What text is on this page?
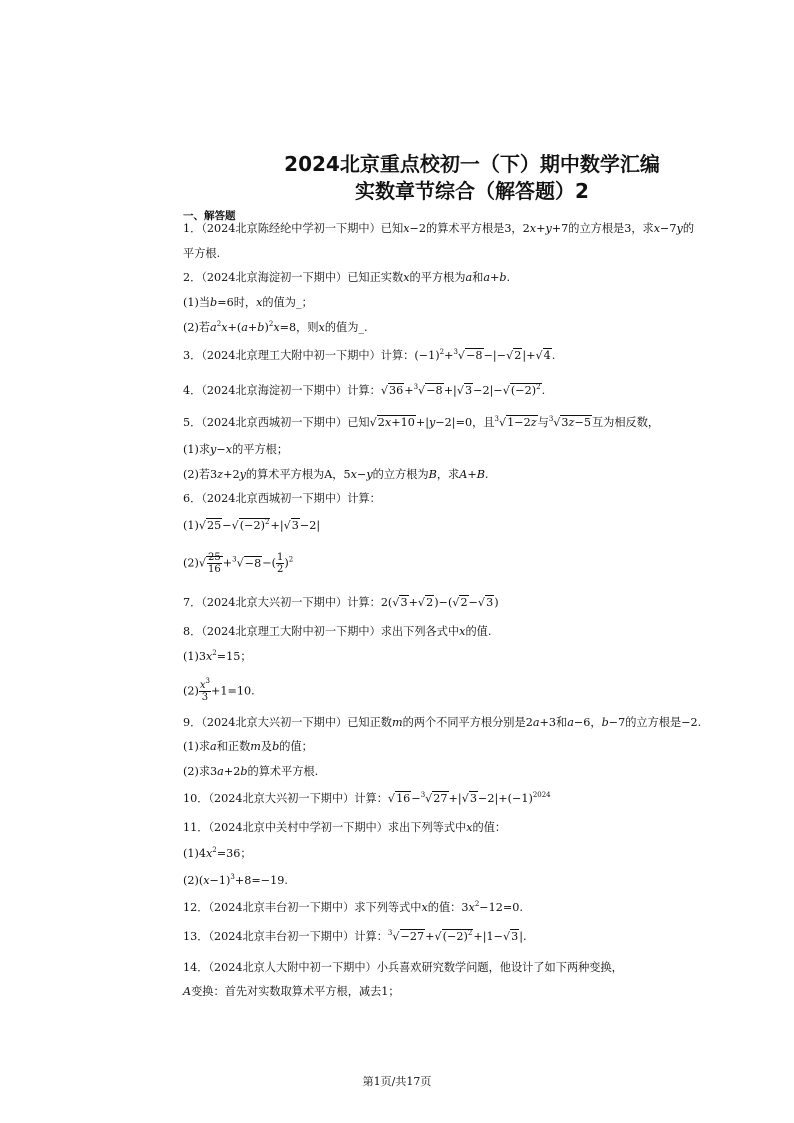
2024北京重点校初一（下）期中数学汇编
实数章节综合（解答题）2
一、解答题
1．（2024北京陈经纶中学初一下期中）已知x−2的算术平方根是3，2x+y+7的立方根是3，求x−7y的
平方根.
2．（2024北京海淀初一下期中）已知正实数x的平方根为a和a+b.
(1)当b=6时，x的值为_；
(2)若$a^2x+(a+b)^2x=8$，则x的值为_.
3．（2024北京理工大附中初一下期中）计算：$(-1)^2+^3√-8-|-√2|+√4$.
4．（2024北京海淀初一下期中）计算：$√36+^3√-8+|√3-2|-√(-2)^2$.
5．（2024北京西城初一下期中）已知√2x+10+|y−2|=0，且$^3$√1−2z与$^3$√3z−5互为相反数，
(1)求y−x的平方根；
(2)若3z+2y的算术平方根为A，5x−y的立方根为B，求A+B.
6．（2024北京西城初一下期中）计算：
$(1)√25-√(-2)^2+|√3-2|$
$(2)√ \frac{25}{16} +^3√-8-( \frac{1}{2} )^2$
7．（2024北京大兴初一下期中）计算：2(√3+√2)−(√2−√3)
8．（2024北京理工大附中初一下期中）求出下列各式中x的值.
$(1)3x^2=15$；
$(2) \frac{x^3}{3} +1=10$.
9．（2024北京大兴初一下期中）已知正数m的两个不同平方根分别是2a+3和a−6，b−7的立方根是−2.
(1)求a和正数m及b的值；
(2)求3a+2b的算术平方根.
10．（2024北京大兴初一下期中）计算：$√16-^3√27+|√3-2|+(-1)^{2024}$
11．（2024北京中关村中学初一下期中）求出下列等式中x的值：
$(1)4x^2=36$；
$(2)(x-1)^3+8=-19$.
12．（2024北京丰台初一下期中）求下列等式中x的值：$3x^2-12=0$.
13．（2024北京丰台初一下期中）计算：$^3√-27+√(-2)^2+|1-√3|$.
14．（2024北京人大附中初一下期中）小兵喜欢研究数学问题，他设计了如下两种变换，
A变换：首先对实数取算术平方根，减去1；
第1页/共17页
